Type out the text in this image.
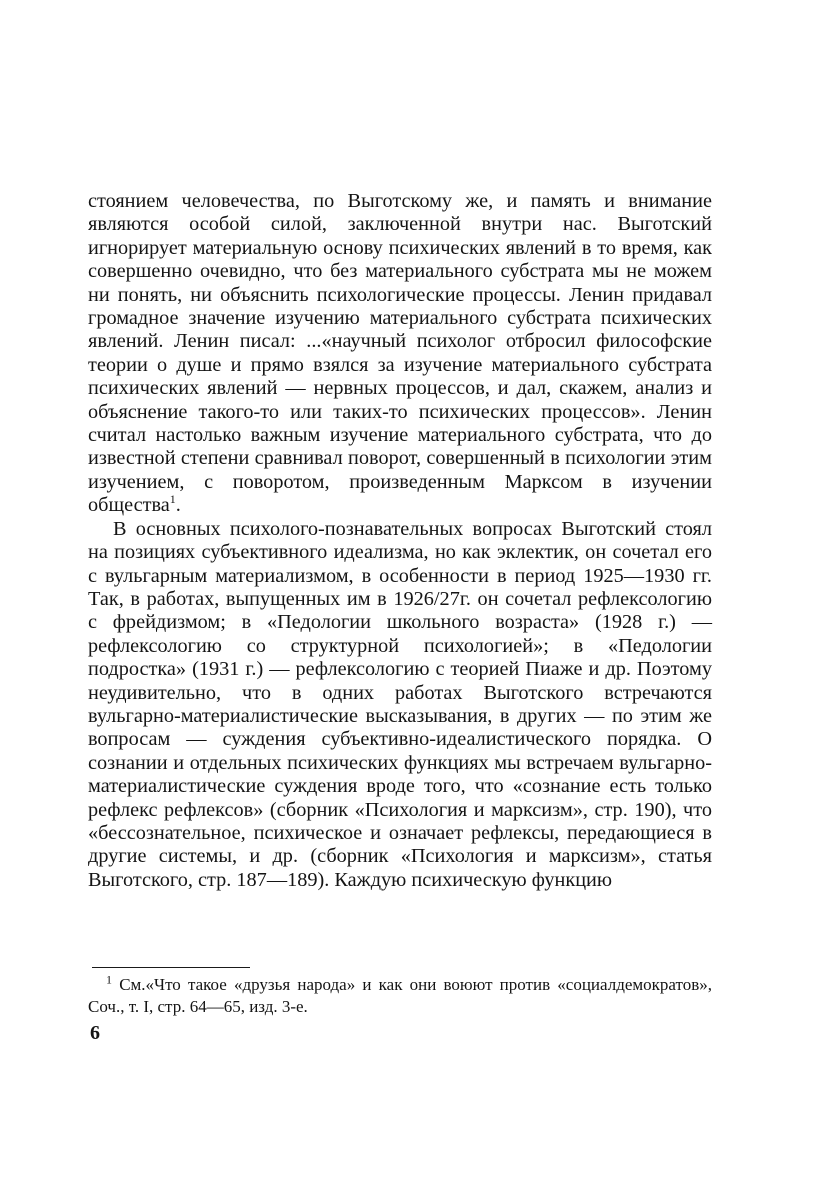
стоянием человечества, по Выготскому же, и память и внимание являются особой силой, заключенной внутри нас. Выготский игнорирует материальную основу психических явлений в то время, как совершенно очевидно, что без материального субстрата мы не можем ни понять, ни объяснить психологические процессы. Ленин придавал громадное значение изучению материального субстрата психических явлений. Ленин писал: ...«научный психолог отбросил философские теории о душе и прямо взялся за изучение материального субстрата психических явлений — нервных процессов, и дал, скажем, анализ и объяснение такого-то или таких-то психических процессов». Ленин считал настолько важным изучение материального субстрата, что до известной степени сравнивал поворот, совершенный в психологии этим изучением, с поворотом, произведенным Марксом в изучении общества$^1$.

В основных психолого-познавательных вопросах Выготский стоял на позициях субъективного идеализма, но как эклектик, он сочетал его с вульгарным материализмом, в особенности в период 1925—1930 гг. Так, в работах, выпущенных им в 1926/27г. он сочетал рефлексологию с фрейдизмом; в «Педологии школьного возраста» (1928 г.) — рефлексологию со структурной психологией»; в «Педологии подростка» (1931 г.) — рефлексологию с теорией Пиаже и др. Поэтому неудивительно, что в одних работах Выготского встречаются вульгарно-материалистические высказывания, в других — по этим же вопросам — суждения субъективно-идеалистического порядка. О сознании и отдельных психических функциях мы встречаем вульгарно-материалистические суждения вроде того, что «сознание есть только рефлекс рефлексов» (сборник «Психология и марксизм», стр. 190), что «бессознательное, психическое и означает рефлексы, передающиеся в другие системы, и др. (сборник «Психология и марксизм», статья Выготского, стр. 187—189). Каждую психическую функцию

$^1$ См.«Что такое «друзья народа» и как они воюют против «социалдемократов», Соч., т. I, стр. 64—65, изд. 3-е.

6
